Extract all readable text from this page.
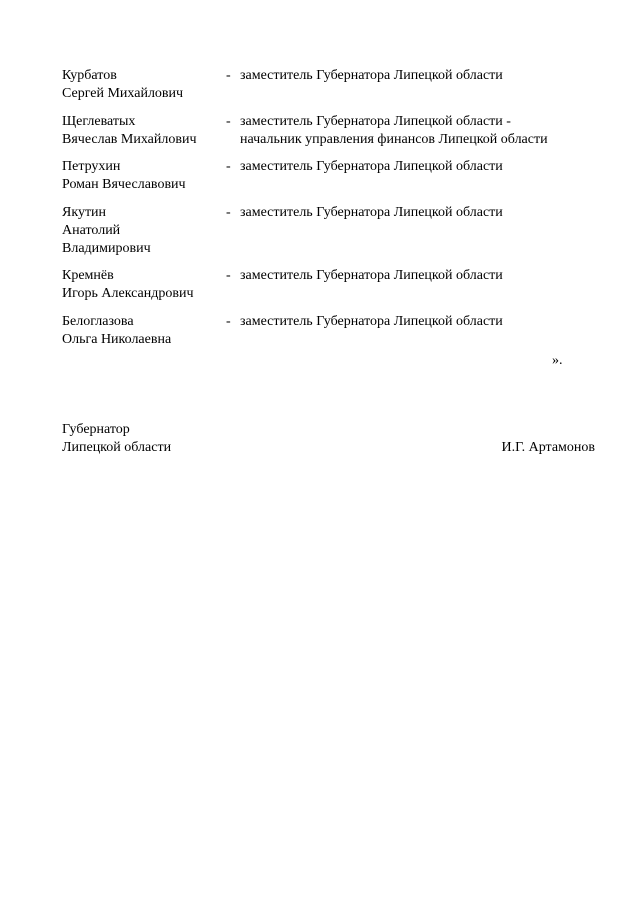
Курбатов
Сергей Михайлович
- заместитель Губернатора Липецкой области
Щеглеватых
Вячеслав Михайлович
- заместитель Губернатора Липецкой области -
начальник управления финансов Липецкой области
Петрухин
Роман Вячеславович
- заместитель Губернатора Липецкой области
Якутин
Анатолий
Владимирович
- заместитель Губернатора Липецкой области
Кремнёв
Игорь Александрович
- заместитель Губернатора Липецкой области
Белоглазова
Ольга Николаевна
- заместитель Губернатора Липецкой области
».
Губернатор
Липецкой области	И.Г. Артамонов
